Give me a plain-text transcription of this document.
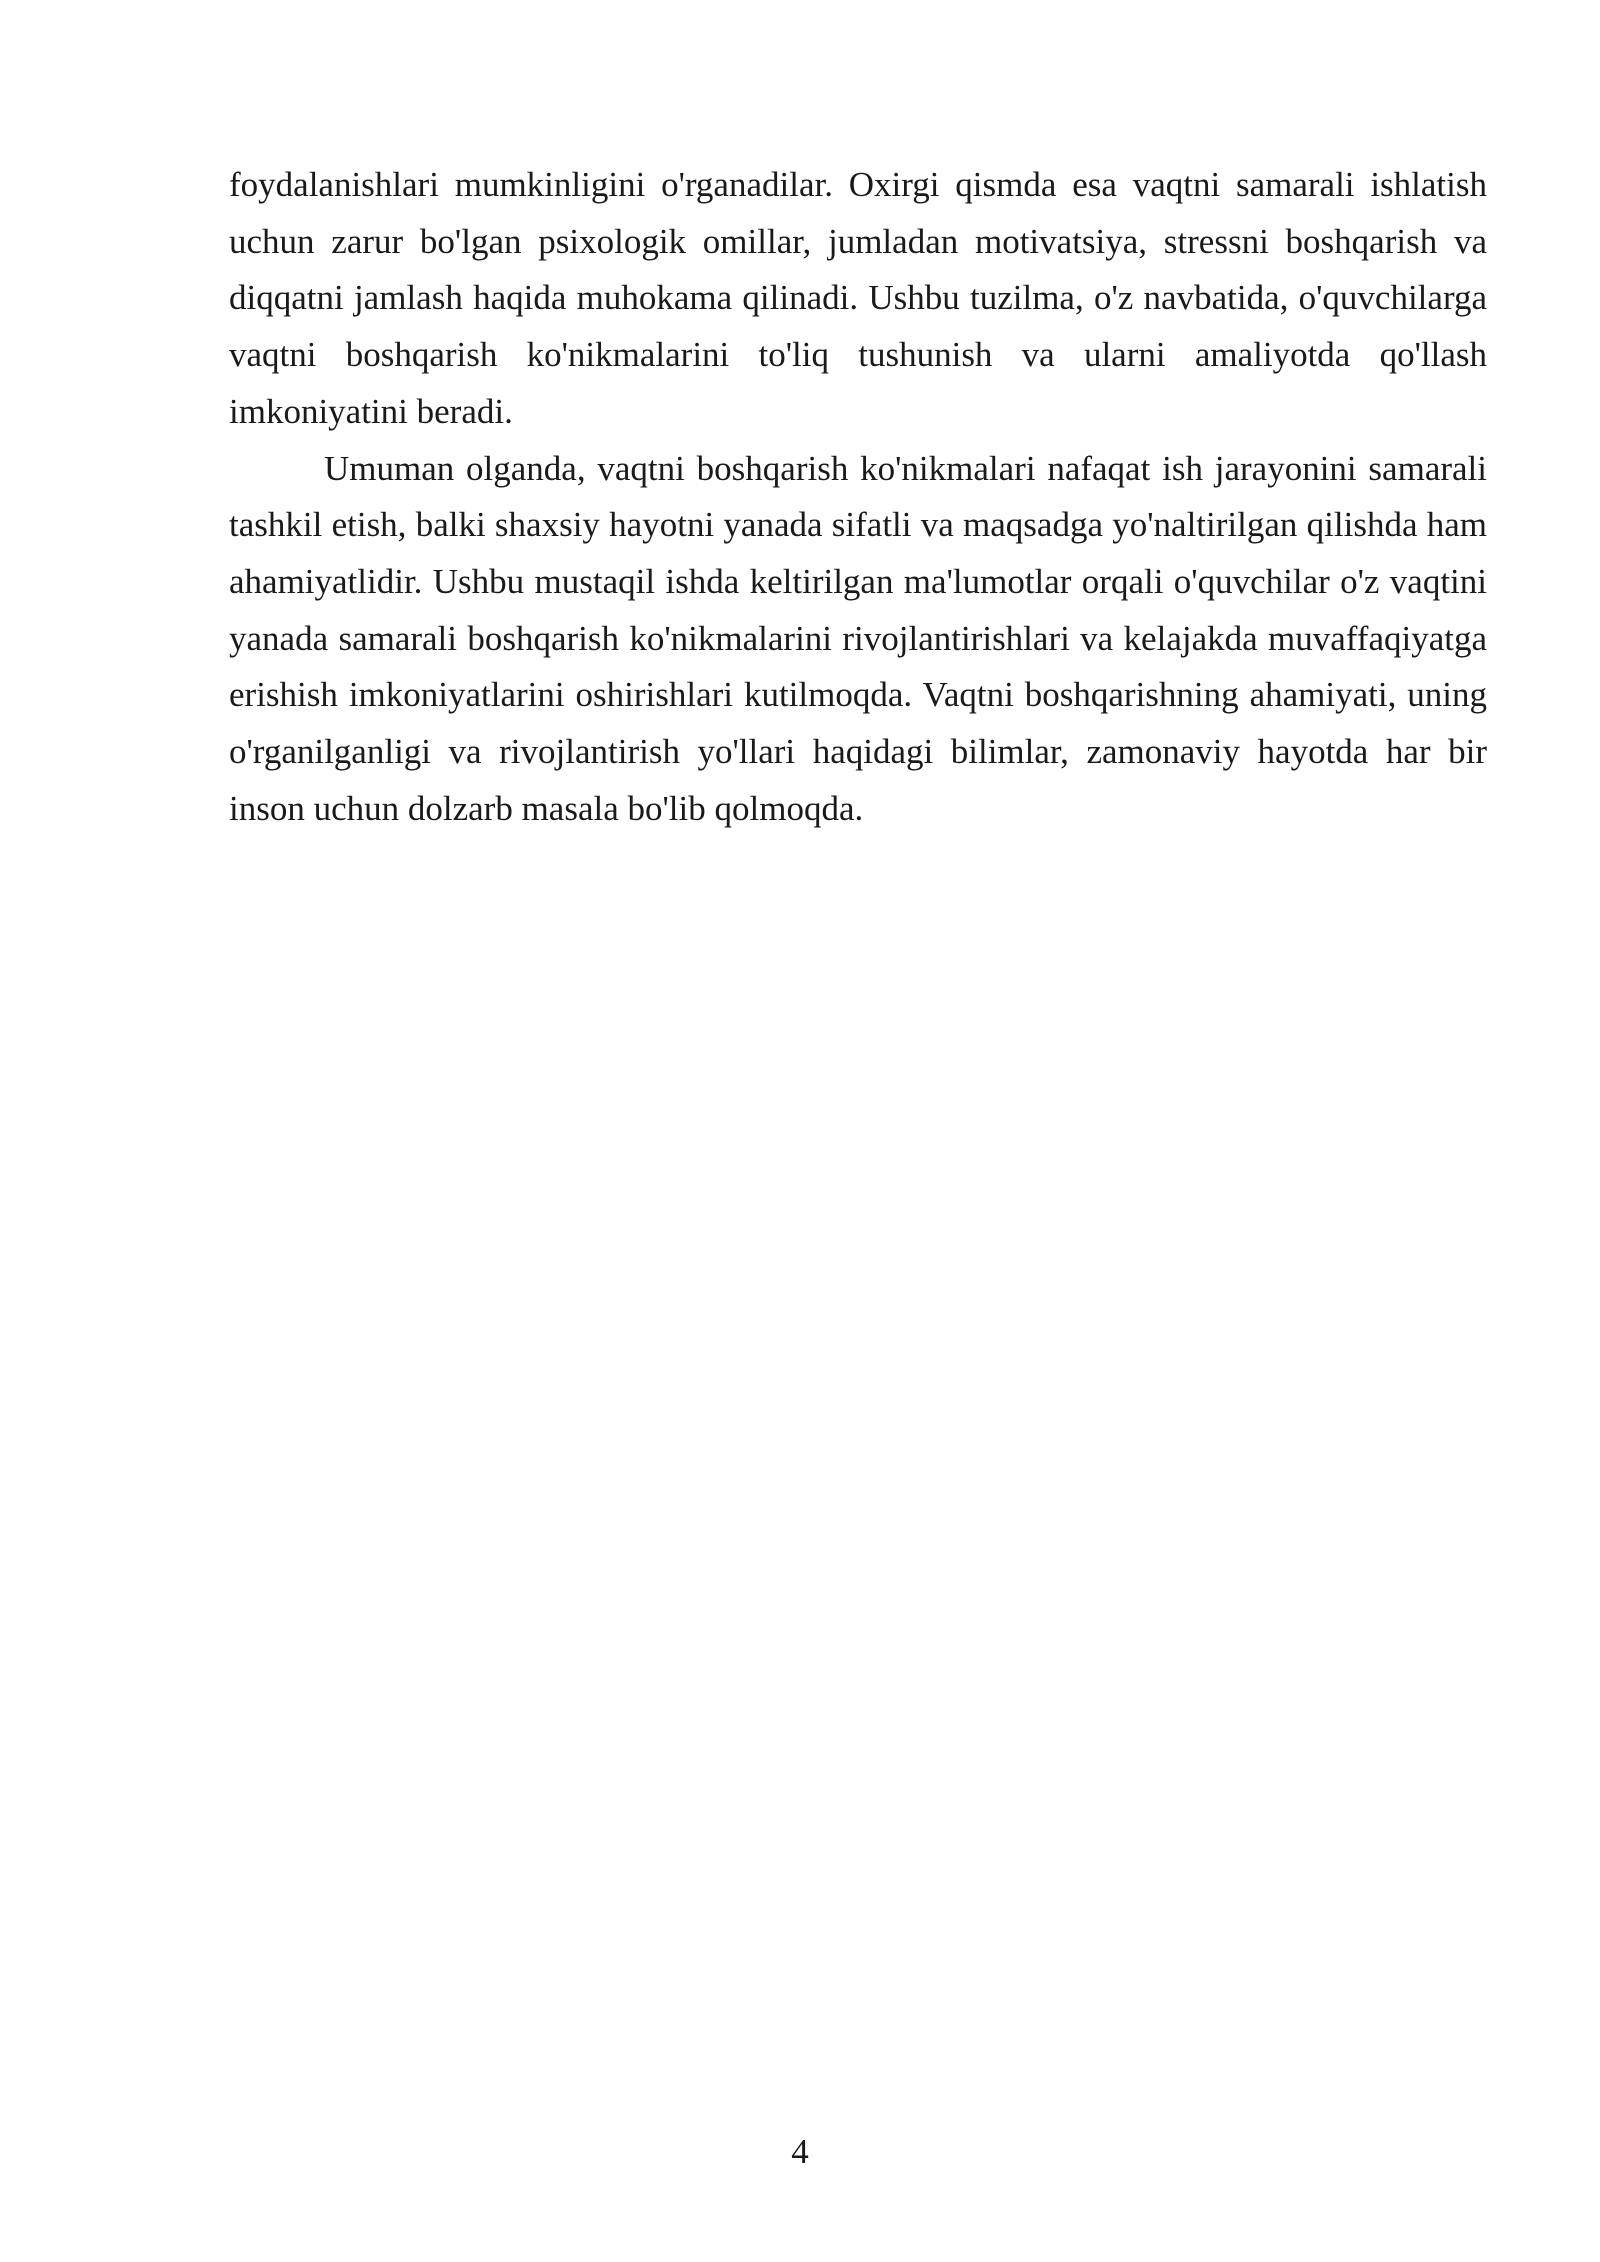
foydalanishlari mumkinligini o'rganadilar. Oxirgi qismda esa vaqtni samarali ishlatish uchun zarur bo'lgan psixologik omillar, jumladan motivatsiya, stressni boshqarish va diqqatni jamlash haqida muhokama qilinadi. Ushbu tuzilma, o'z navbatida, o'quvchilarga vaqtni boshqarish ko'nikmalarini to'liq tushunish va ularni amaliyotda qo'llash imkoniyatini beradi.

Umuman olganda, vaqtni boshqarish ko'nikmalari nafaqat ish jarayonini samarali tashkil etish, balki shaxsiy hayotni yanada sifatli va maqsadga yo'naltirilgan qilishda ham ahamiyatlidir. Ushbu mustaqil ishda keltirilgan ma'lumotlar orqali o'quvchilar o'z vaqtini yanada samarali boshqarish ko'nikmalarini rivojlantirishlari va kelajakda muvaffaqiyatga erishish imkoniyatlarini oshirishlari kutilmoqda. Vaqtni boshqarishning ahamiyati, uning o'rganilganligi va rivojlantirish yo'llari haqidagi bilimlar, zamonaviy hayotda har bir inson uchun dolzarb masala bo'lib qolmoqda.

4
